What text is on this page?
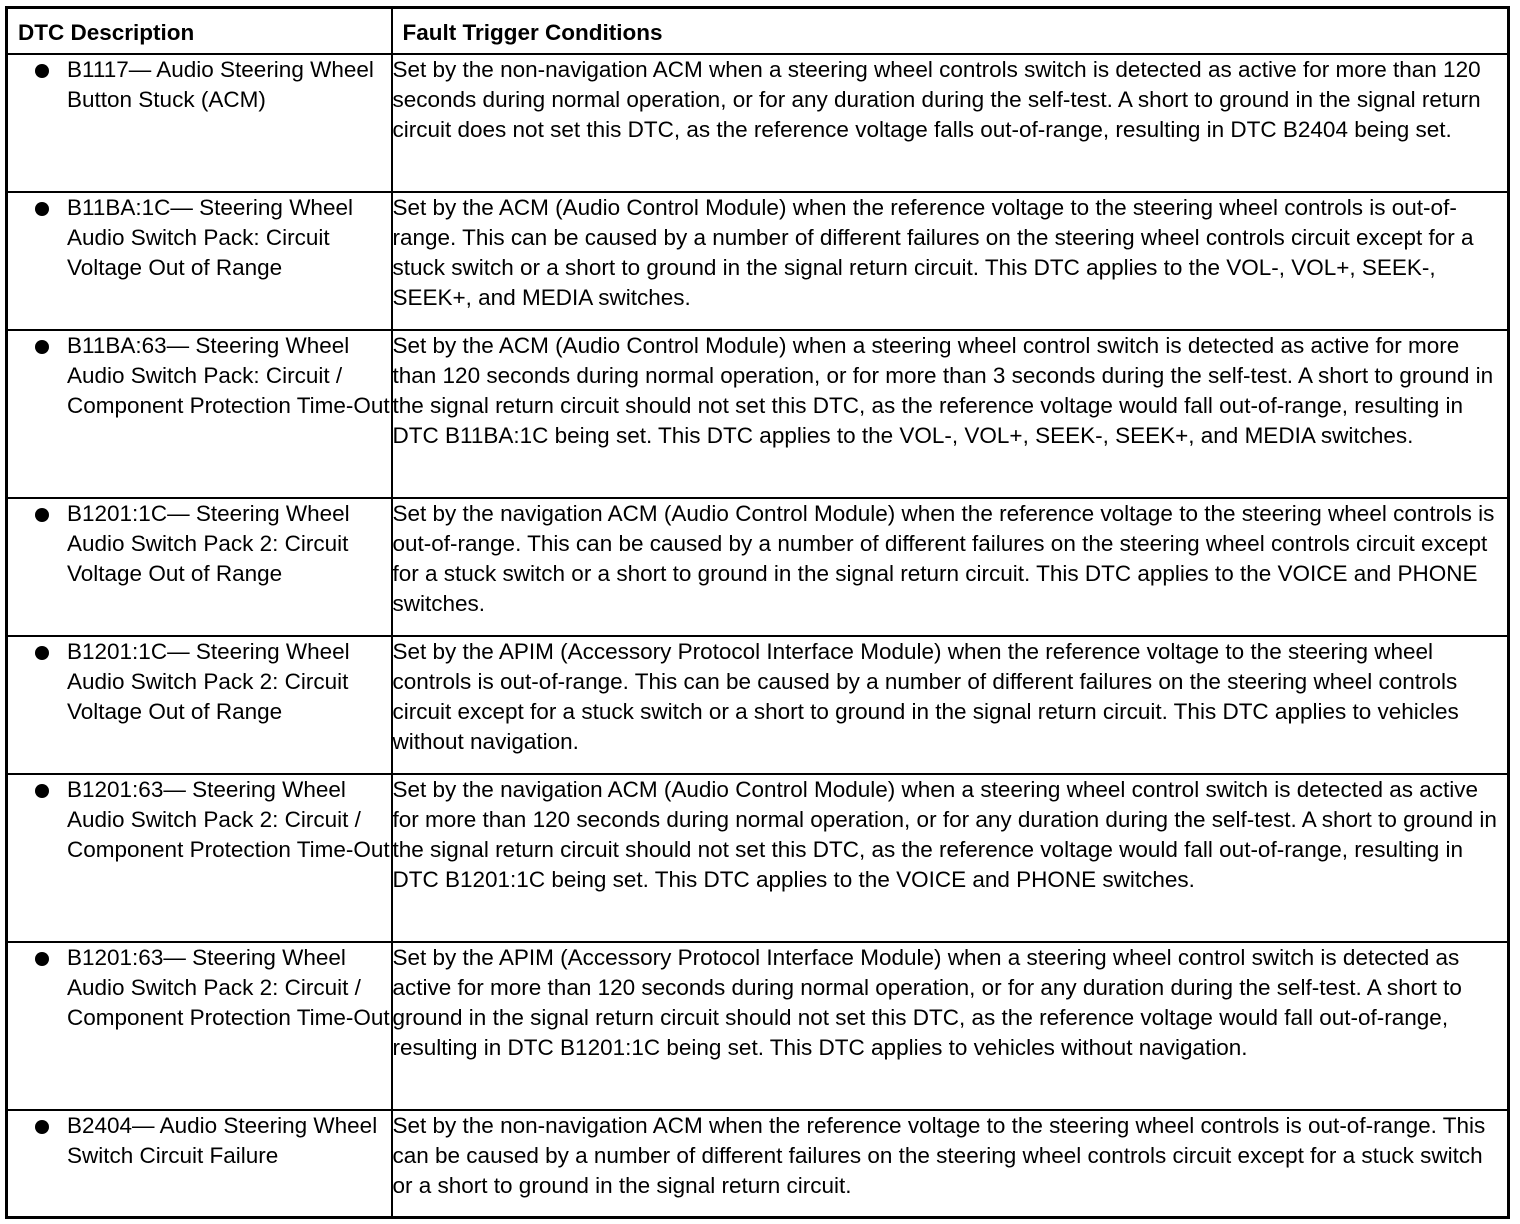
DTC Description	Fault Trigger Conditions

B1117— Audio Steering Wheel Button Stuck (ACM)	Set by the non-navigation ACM when a steering wheel controls switch is detected as active for more than 120 seconds during normal operation, or for any duration during the self-test. A short to ground in the signal return circuit does not set this DTC, as the reference voltage falls out-of-range, resulting in DTC B2404 being set.

B11BA:1C— Steering Wheel Audio Switch Pack: Circuit Voltage Out of Range	Set by the ACM (Audio Control Module) when the reference voltage to the steering wheel controls is out-of-range. This can be caused by a number of different failures on the steering wheel controls circuit except for a stuck switch or a short to ground in the signal return circuit. This DTC applies to the VOL-, VOL+, SEEK-, SEEK+, and MEDIA switches.

B11BA:63— Steering Wheel Audio Switch Pack: Circuit / Component Protection Time-Out	Set by the ACM (Audio Control Module) when a steering wheel control switch is detected as active for more than 120 seconds during normal operation, or for more than 3 seconds during the self-test. A short to ground in the signal return circuit should not set this DTC, as the reference voltage would fall out-of-range, resulting in DTC B11BA:1C being set. This DTC applies to the VOL-, VOL+, SEEK-, SEEK+, and MEDIA switches.

B1201:1C— Steering Wheel Audio Switch Pack 2: Circuit Voltage Out of Range	Set by the navigation ACM (Audio Control Module) when the reference voltage to the steering wheel controls is out-of-range. This can be caused by a number of different failures on the steering wheel controls circuit except for a stuck switch or a short to ground in the signal return circuit. This DTC applies to the VOICE and PHONE switches.

B1201:1C— Steering Wheel Audio Switch Pack 2: Circuit Voltage Out of Range	Set by the APIM (Accessory Protocol Interface Module) when the reference voltage to the steering wheel controls is out-of-range. This can be caused by a number of different failures on the steering wheel controls circuit except for a stuck switch or a short to ground in the signal return circuit. This DTC applies to vehicles without navigation.

B1201:63— Steering Wheel Audio Switch Pack 2: Circuit / Component Protection Time-Out	Set by the navigation ACM (Audio Control Module) when a steering wheel control switch is detected as active for more than 120 seconds during normal operation, or for any duration during the self-test. A short to ground in the signal return circuit should not set this DTC, as the reference voltage would fall out-of-range, resulting in DTC B1201:1C being set. This DTC applies to the VOICE and PHONE switches.

B1201:63— Steering Wheel Audio Switch Pack 2: Circuit / Component Protection Time-Out	Set by the APIM (Accessory Protocol Interface Module) when a steering wheel control switch is detected as active for more than 120 seconds during normal operation, or for any duration during the self-test. A short to ground in the signal return circuit should not set this DTC, as the reference voltage would fall out-of-range, resulting in DTC B1201:1C being set. This DTC applies to vehicles without navigation.

B2404— Audio Steering Wheel Switch Circuit Failure	Set by the non-navigation ACM when the reference voltage to the steering wheel controls is out-of-range. This can be caused by a number of different failures on the steering wheel controls circuit except for a stuck switch or a short to ground in the signal return circuit.
